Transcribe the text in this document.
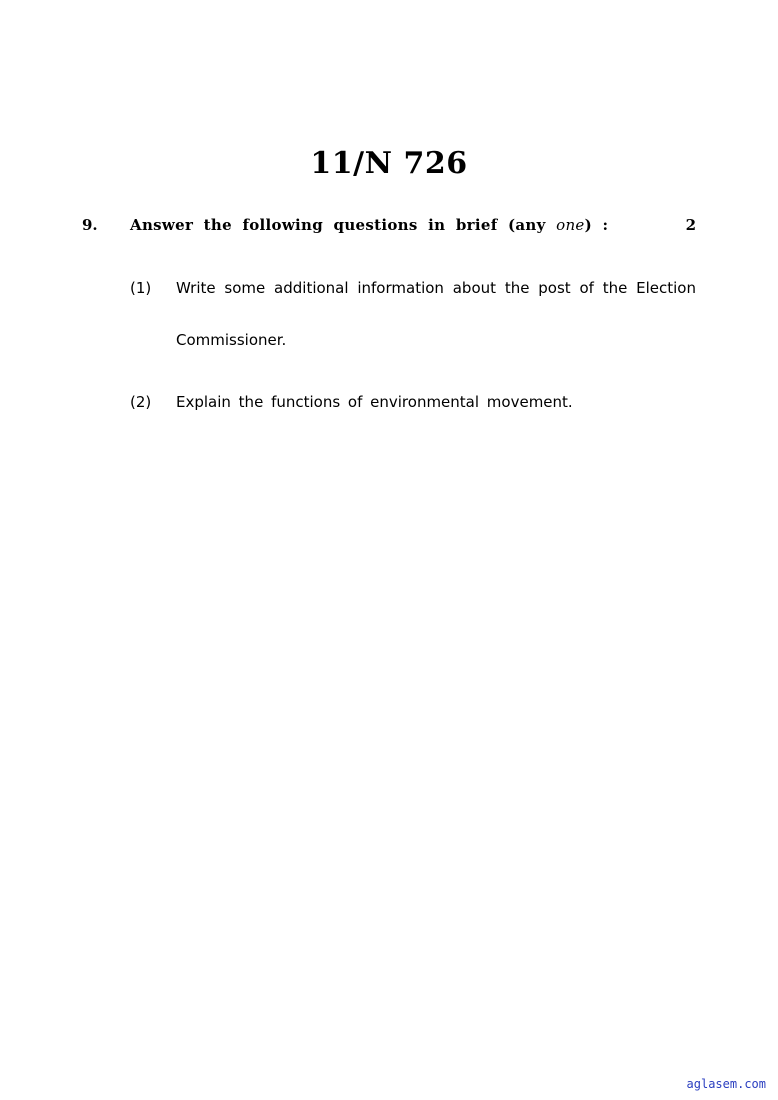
11/N 726
9. Answer the following questions in brief (any one) :	2
(1) Write some additional information about the post of the Election
Commissioner.
(2) Explain the functions of environmental movement.
aglasem.com
